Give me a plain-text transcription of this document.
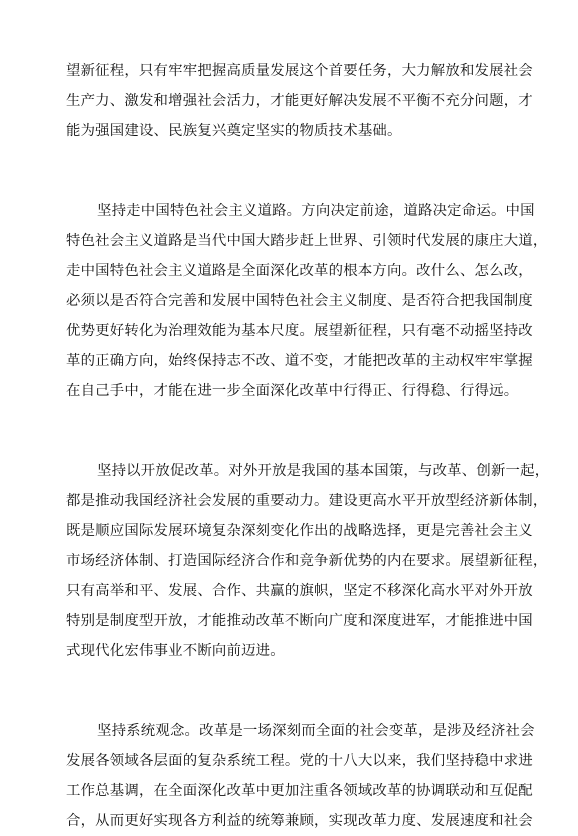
望新征程，只有牢牢把握高质量发展这个首要任务，大力解放和发展社会
生产力、激发和增强社会活力，才能更好解决发展不平衡不充分问题，才
能为强国建设、民族复兴奠定坚实的物质技术基础。

坚持走中国特色社会主义道路。方向决定前途，道路决定命运。中国
特色社会主义道路是当代中国大踏步赶上世界、引领时代发展的康庄大道，
走中国特色社会主义道路是全面深化改革的根本方向。改什么、怎么改，
必须以是否符合完善和发展中国特色社会主义制度、是否符合把我国制度
优势更好转化为治理效能为基本尺度。展望新征程，只有毫不动摇坚持改
革的正确方向，始终保持志不改、道不变，才能把改革的主动权牢牢掌握
在自己手中，才能在进一步全面深化改革中行得正、行得稳、行得远。

坚持以开放促改革。对外开放是我国的基本国策，与改革、创新一起，
都是推动我国经济社会发展的重要动力。建设更高水平开放型经济新体制，
既是顺应国际发展环境复杂深刻变化作出的战略选择，更是完善社会主义
市场经济体制、打造国际经济合作和竞争新优势的内在要求。展望新征程，
只有高举和平、发展、合作、共赢的旗帜，坚定不移深化高水平对外开放
特别是制度型开放，才能推动改革不断向广度和深度进军，才能推进中国
式现代化宏伟事业不断向前迈进。

坚持系统观念。改革是一场深刻而全面的社会变革，是涉及经济社会
发展各领域各层面的复杂系统工程。党的十八大以来，我们坚持稳中求进
工作总基调，在全面深化改革中更加注重各领域改革的协调联动和互促配
合，从而更好实现各方利益的统筹兼顾，实现改革力度、发展速度和社会
